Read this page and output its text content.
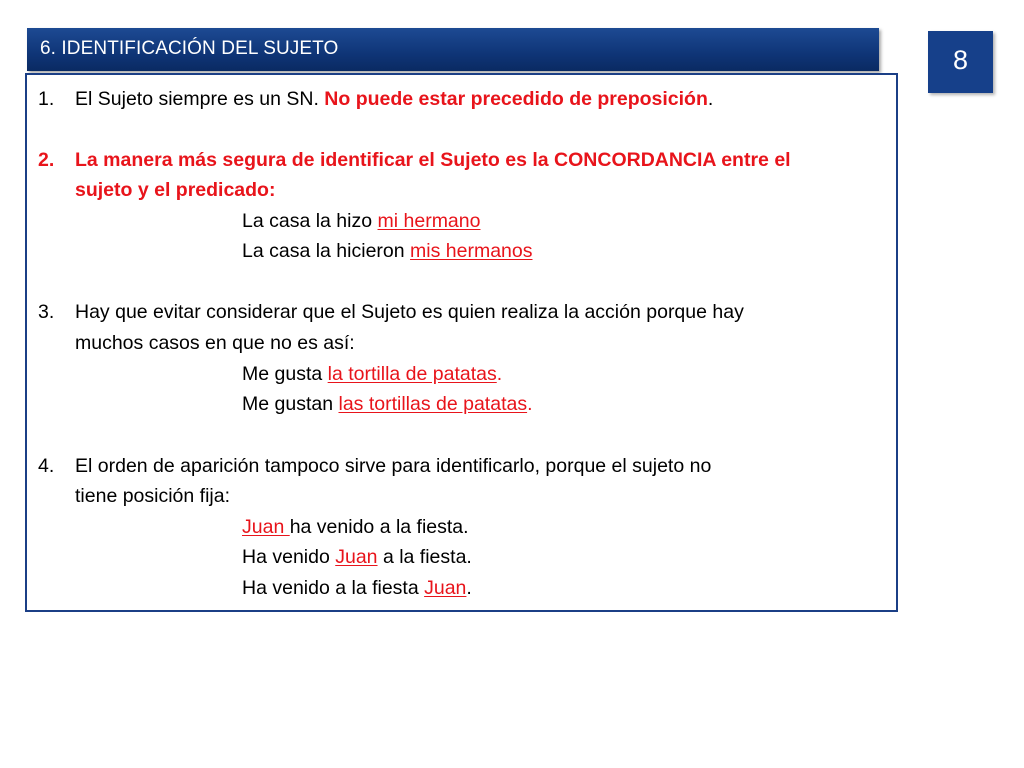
6. IDENTIFICACIÓN DEL SUJETO	8
1. El Sujeto siempre es un SN. No puede estar precedido de preposición.
2. La manera más segura de identificar el Sujeto es la CONCORDANCIA entre el
sujeto y el predicado:
La casa la hizo mi hermano
La casa la hicieron mis hermanos
3. Hay que evitar considerar que el Sujeto es quien realiza la acción porque hay
muchos casos en que no es así:
Me gusta la tortilla de patatas.
Me gustan las tortillas de patatas.
4. El orden de aparición tampoco sirve para identificarlo, porque el sujeto no
tiene posición fija:
Juan ha venido a la fiesta.
Ha venido Juan a la fiesta.
Ha venido a la fiesta Juan.
